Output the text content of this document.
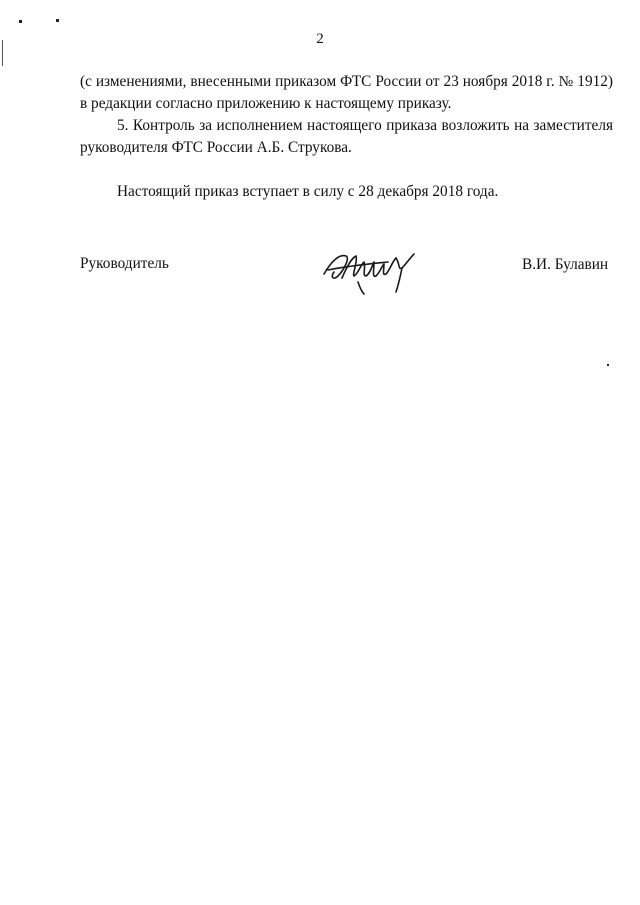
2
(с изменениями, внесенными приказом ФТС России от 23 ноября 2018 г. № 1912)
в редакции согласно приложению к настоящему приказу.
5. Контроль за исполнением настоящего приказа возложить на заместителя
руководителя ФТС России А.Б. Струкова.
Настоящий приказ вступает в силу с 28 декабря 2018 года.
Руководитель	В.И. Булавин
